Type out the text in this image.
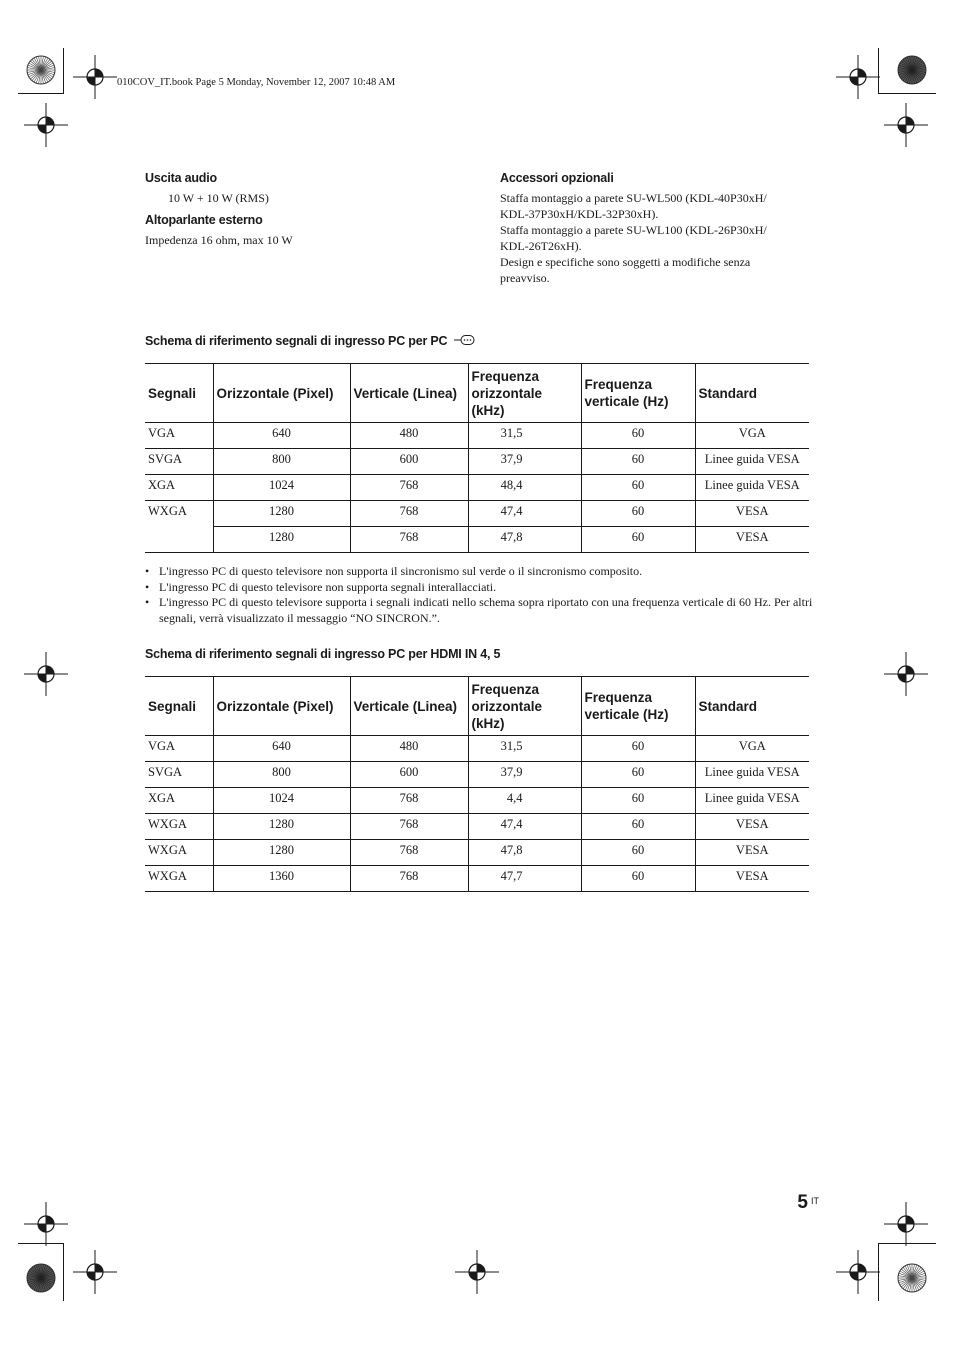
010COV_IT.book Page 5 Monday, November 12, 2007 10:48 AM
Uscita audio
10 W + 10 W (RMS)
Altoparlante esterno
Impedenza 16 ohm, max 10 W
Accessori opzionali
Staffa montaggio a parete SU-WL500 (KDL-40P30xH/
KDL-37P30xH/KDL-32P30xH).
Staffa montaggio a parete SU-WL100 (KDL-26P30xH/
KDL-26T26xH).
Design e specifiche sono soggetti a modifiche senza
preavviso.
Schema di riferimento segnali di ingresso PC per PC
Segnali	Orizzontale (Pixel)	Verticale (Linea)	Frequenza orizzontale (kHz)	Frequenza verticale (Hz)	Standard
VGA	640	480	31,5	60	VGA
SVGA	800	600	37,9	60	Linee guida VESA
XGA	1024	768	48,4	60	Linee guida VESA
WXGA	1280	768	47,4	60	VESA
	1280	768	47,8	60	VESA
• L'ingresso PC di questo televisore non supporta il sincronismo sul verde o il sincronismo composito.
• L'ingresso PC di questo televisore non supporta segnali interallacciati.
• L'ingresso PC di questo televisore supporta i segnali indicati nello schema sopra riportato con una frequenza verticale di 60 Hz. Per altri segnali, verrà visualizzato il messaggio “NO SINCRON.”.
Schema di riferimento segnali di ingresso PC per HDMI IN 4, 5
Segnali	Orizzontale (Pixel)	Verticale (Linea)	Frequenza orizzontale (kHz)	Frequenza verticale (Hz)	Standard
VGA	640	480	31,5	60	VGA
SVGA	800	600	37,9	60	Linee guida VESA
XGA	1024	768	4,4	60	Linee guida VESA
WXGA	1280	768	47,4	60	VESA
WXGA	1280	768	47,8	60	VESA
WXGA	1360	768	47,7	60	VESA
5 IT
